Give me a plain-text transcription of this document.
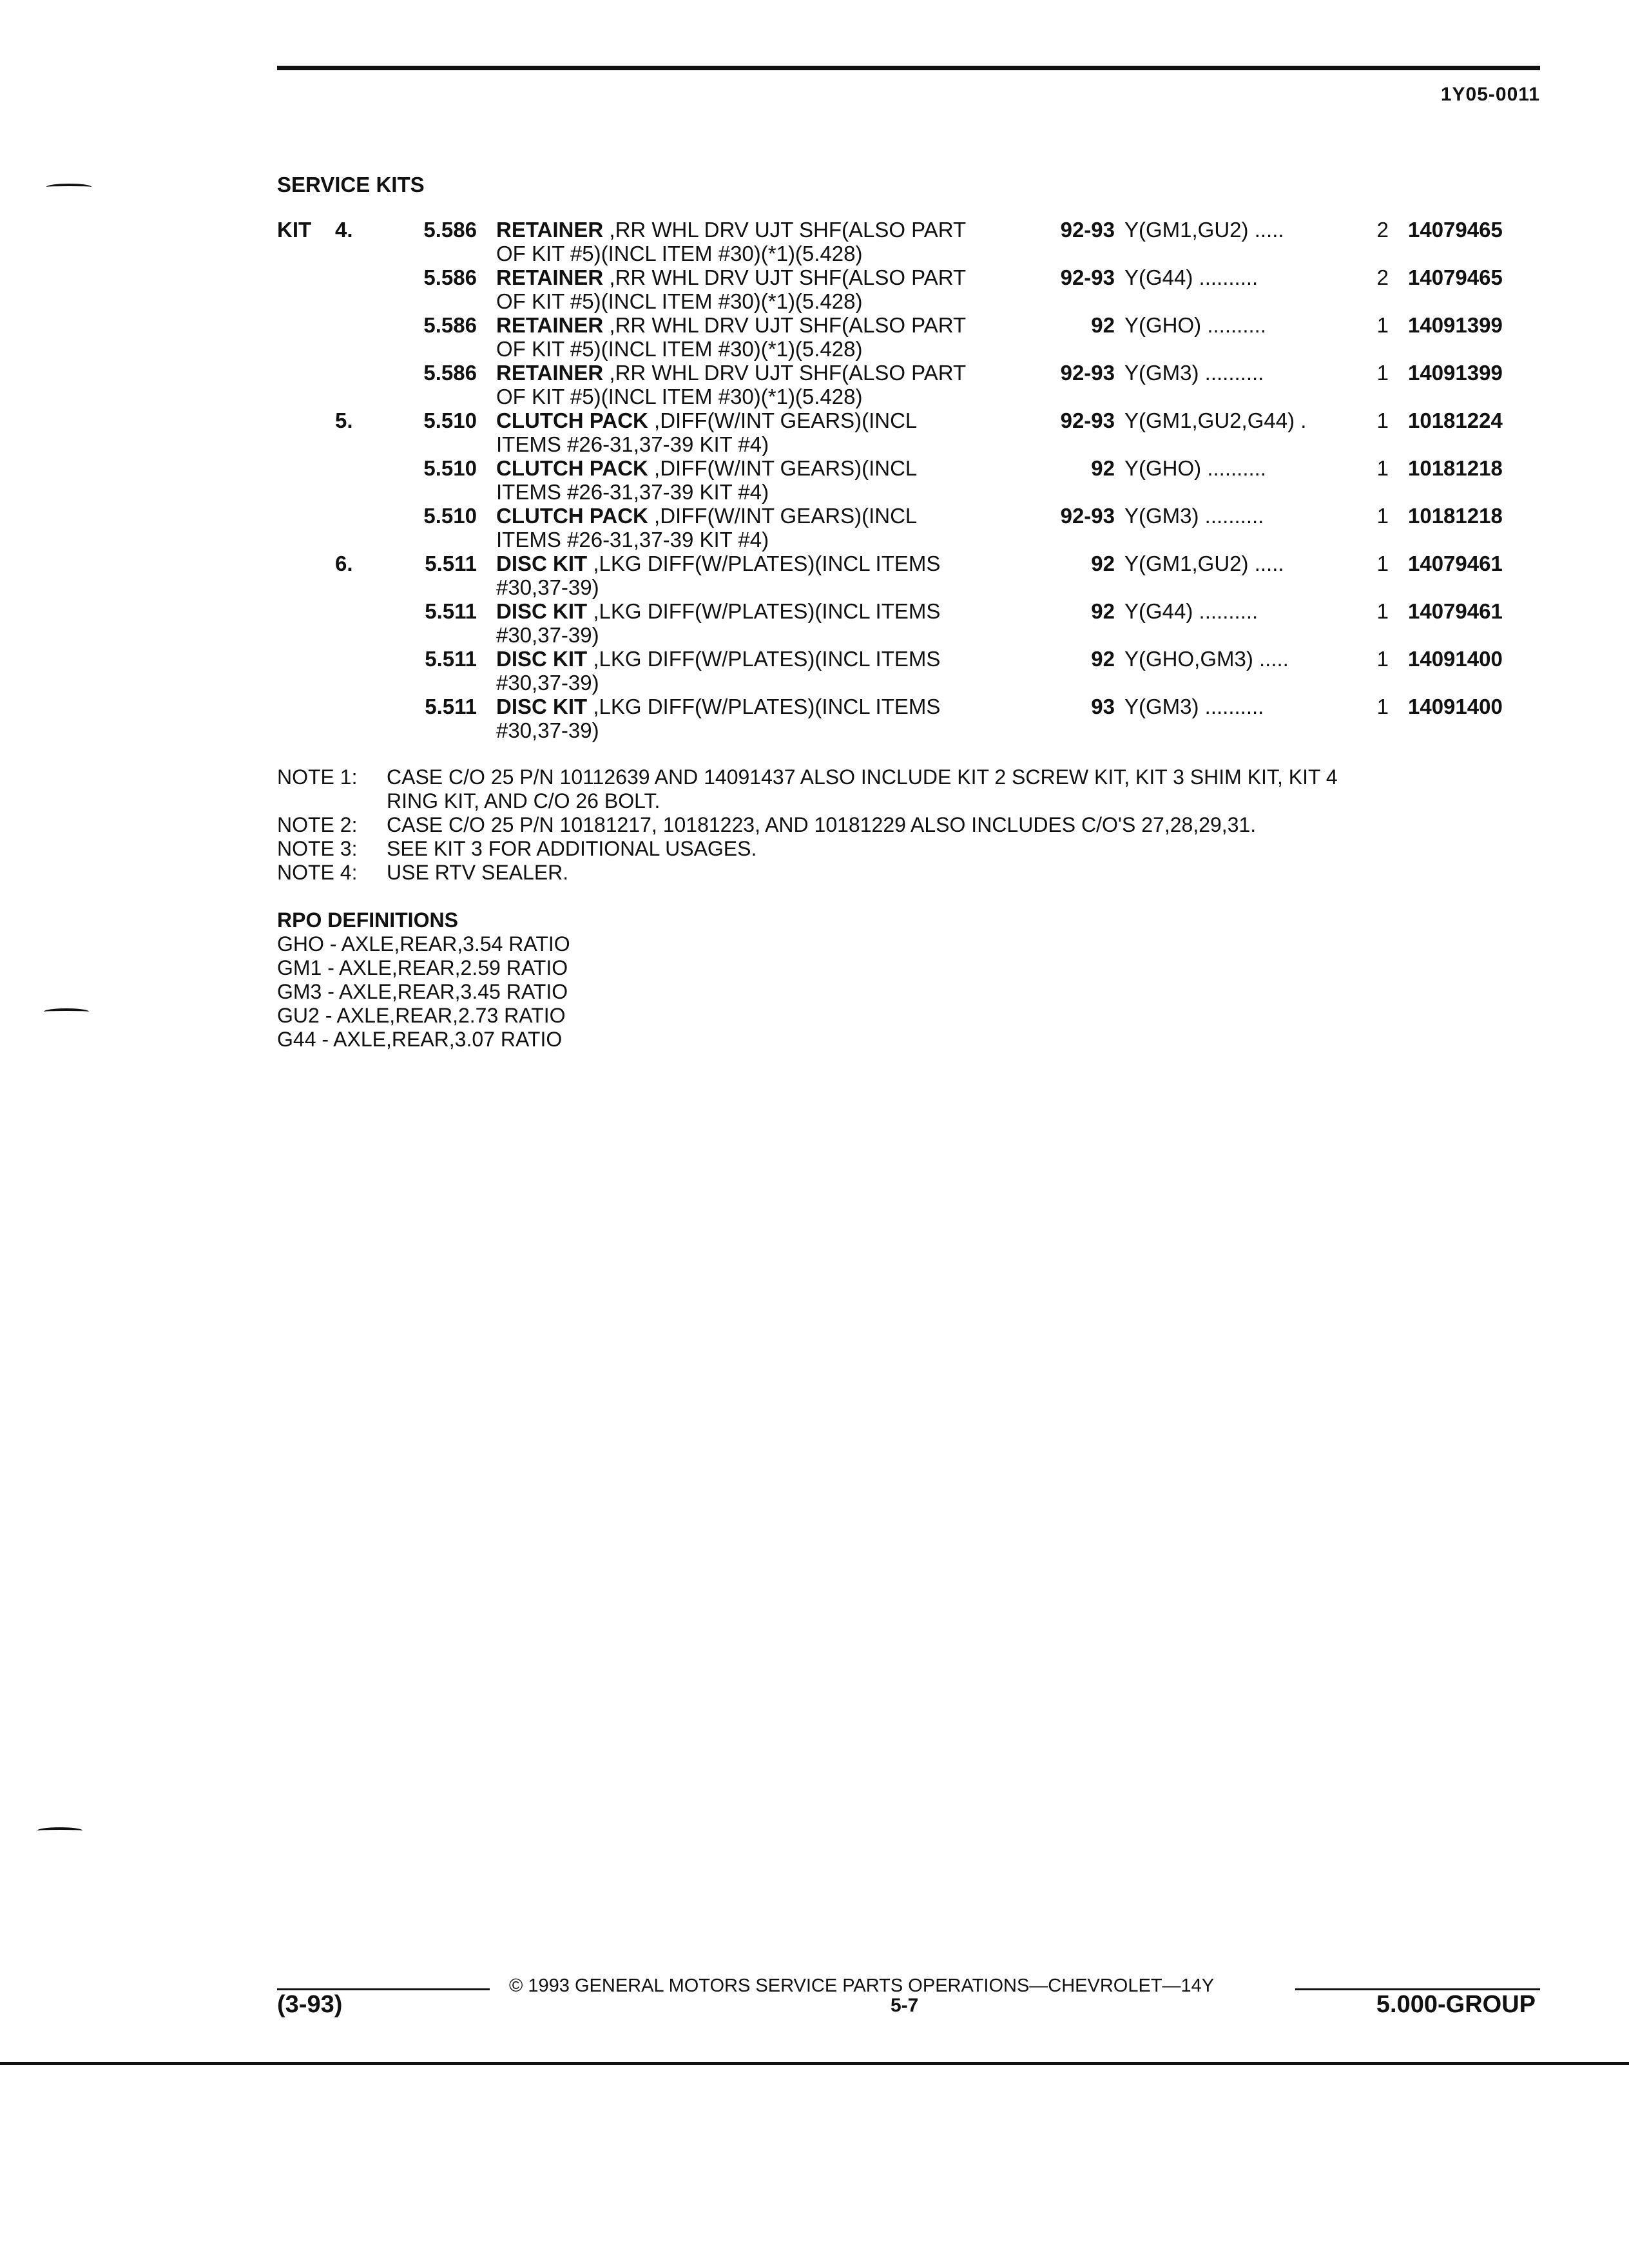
1Y05-0011
SERVICE KITS
KIT 4.	5.586 RETAINER ,RR WHL DRV UJT SHF(ALSO PART
OF KIT #5)(INCL ITEM #30)(*1)(5.428)
92-93 Y(GM1,GU2) .....	2 14079465
5.586 RETAINER ,RR WHL DRV UJT SHF(ALSO PART
OF KIT #5)(INCL ITEM #30)(*1)(5.428)
92-93 Y(G44) ..........	2 14079465
5.586 RETAINER ,RR WHL DRV UJT SHF(ALSO PART
OF KIT #5)(INCL ITEM #30)(*1)(5.428)
92 Y(GHO) ..........	1 14091399
5.586 RETAINER ,RR WHL DRV UJT SHF(ALSO PART
OF KIT #5)(INCL ITEM #30)(*1)(5.428)
92-93 Y(GM3) ..........	1 14091399
5.	5.510 CLUTCH PACK ,DIFF(W/INT GEARS)(INCL
ITEMS #26-31,37-39 KIT #4)
92-93 Y(GM1,GU2,G44) .	1 10181224
5.510 CLUTCH PACK ,DIFF(W/INT GEARS)(INCL
ITEMS #26-31,37-39 KIT #4)
92 Y(GHO) ..........	1 10181218
5.510 CLUTCH PACK ,DIFF(W/INT GEARS)(INCL
ITEMS #26-31,37-39 KIT #4)
92-93 Y(GM3) ..........	1 10181218
6.	5.511 DISC KIT ,LKG DIFF(W/PLATES)(INCL ITEMS
#30,37-39)
92 Y(GM1,GU2) .....	1 14079461
5.511 DISC KIT ,LKG DIFF(W/PLATES)(INCL ITEMS
#30,37-39)
92 Y(G44) ..........	1 14079461
5.511 DISC KIT ,LKG DIFF(W/PLATES)(INCL ITEMS
#30,37-39)
92 Y(GHO,GM3) .....	1 14091400
5.511 DISC KIT ,LKG DIFF(W/PLATES)(INCL ITEMS
#30,37-39)
93 Y(GM3) ..........	1 14091400
NOTE 1: CASE C/O 25 P/N 10112639 AND 14091437 ALSO INCLUDE KIT 2 SCREW KIT, KIT 3 SHIM KIT, KIT 4
RING KIT, AND C/O 26 BOLT.
NOTE 2: CASE C/O 25 P/N 10181217, 10181223, AND 10181229 ALSO INCLUDES C/O'S 27,28,29,31.
NOTE 3: SEE KIT 3 FOR ADDITIONAL USAGES.
NOTE 4: USE RTV SEALER.
RPO DEFINITIONS
GHO - AXLE,REAR,3.54 RATIO
GM1 - AXLE,REAR,2.59 RATIO
GM3 - AXLE,REAR,3.45 RATIO
GU2 - AXLE,REAR,2.73 RATIO
G44 - AXLE,REAR,3.07 RATIO
© 1993 GENERAL MOTORS SERVICE PARTS OPERATIONS—CHEVROLET—14Y
(3-93)	5-7	5.000-GROUP
